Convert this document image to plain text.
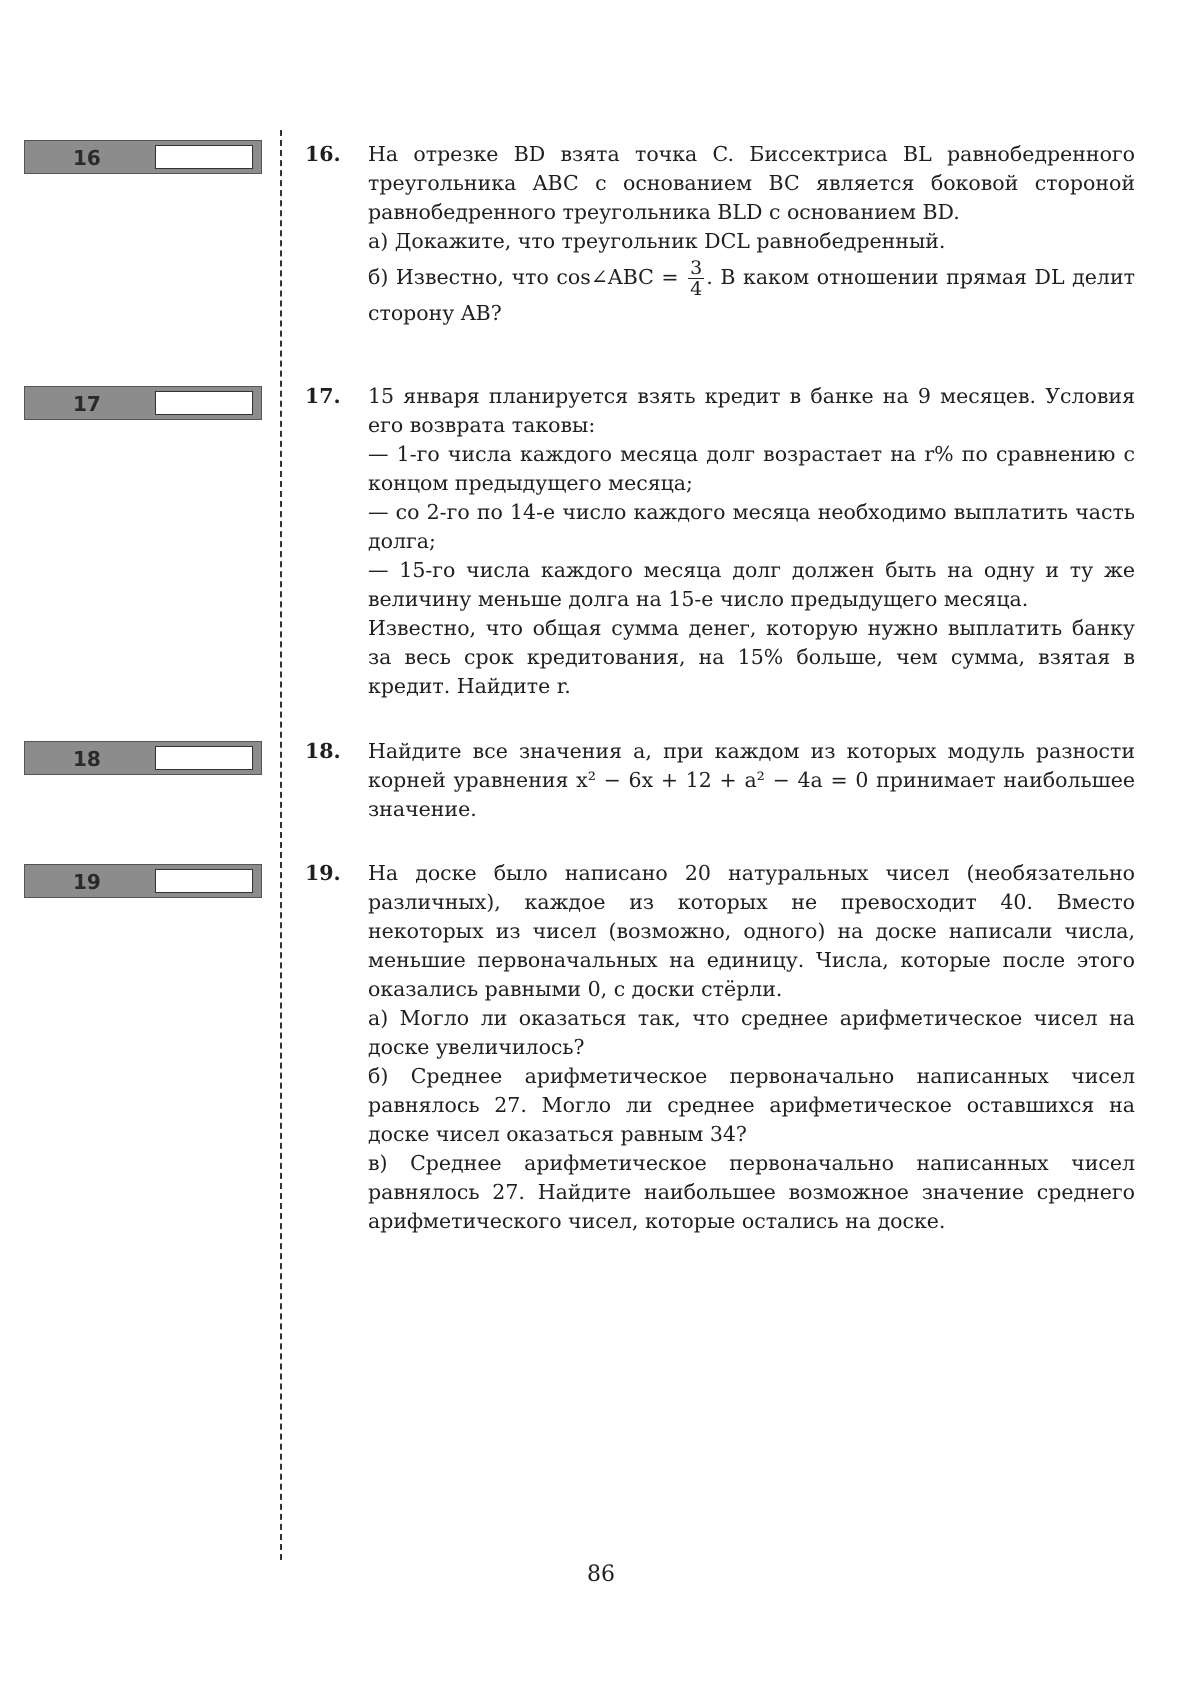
16
17
18
19
16. На отрезке BD взята точка C. Биссектриса BL равнобедренного треугольника ABC с основанием BC является боковой стороной равнобедренного треугольника BLD с основанием BD.

а) Докажите, что треугольник DCL равнобедренный.

б) Известно, что cos∠ABC = $\frac{3}{4}$ . В каком отношении прямая DL делит сторону AB?

17. 15 января планируется взять кредит в банке на 9 месяцев. Условия его возврата таковы:

— 1-го числа каждого месяца долг возрастает на r% по сравнению с концом предыдущего месяца;

— со 2-го по 14-е число каждого месяца необходимо выплатить часть долга;

— 15-го числа каждого месяца долг должен быть на одну и ту же величину меньше долга на 15-е число предыдущего месяца.

Известно, что общая сумма денег, которую нужно выплатить банку за весь срок кредитования, на 15% больше, чем сумма, взятая в кредит. Найдите r.

18. Найдите все значения a, при каждом из которых модуль разности корней уравнения x² − 6x + 12 + a² − 4a = 0 принимает наибольшее значение.

19. На доске было написано 20 натуральных чисел (необязательно различных), каждое из которых не превосходит 40. Вместо некоторых из чисел (возможно, одного) на доске написали числа, меньшие первоначальных на единицу. Числа, которые после этого оказались равными 0, с доски стёрли.

а) Могло ли оказаться так, что среднее арифметическое чисел на доске увеличилось?

б) Среднее арифметическое первоначально написанных чисел равнялось 27. Могло ли среднее арифметическое оставшихся на доске чисел оказаться равным 34?

в) Среднее арифметическое первоначально написанных чисел равнялось 27. Найдите наибольшее возможное значение среднего арифметического чисел, которые остались на доске.

86
